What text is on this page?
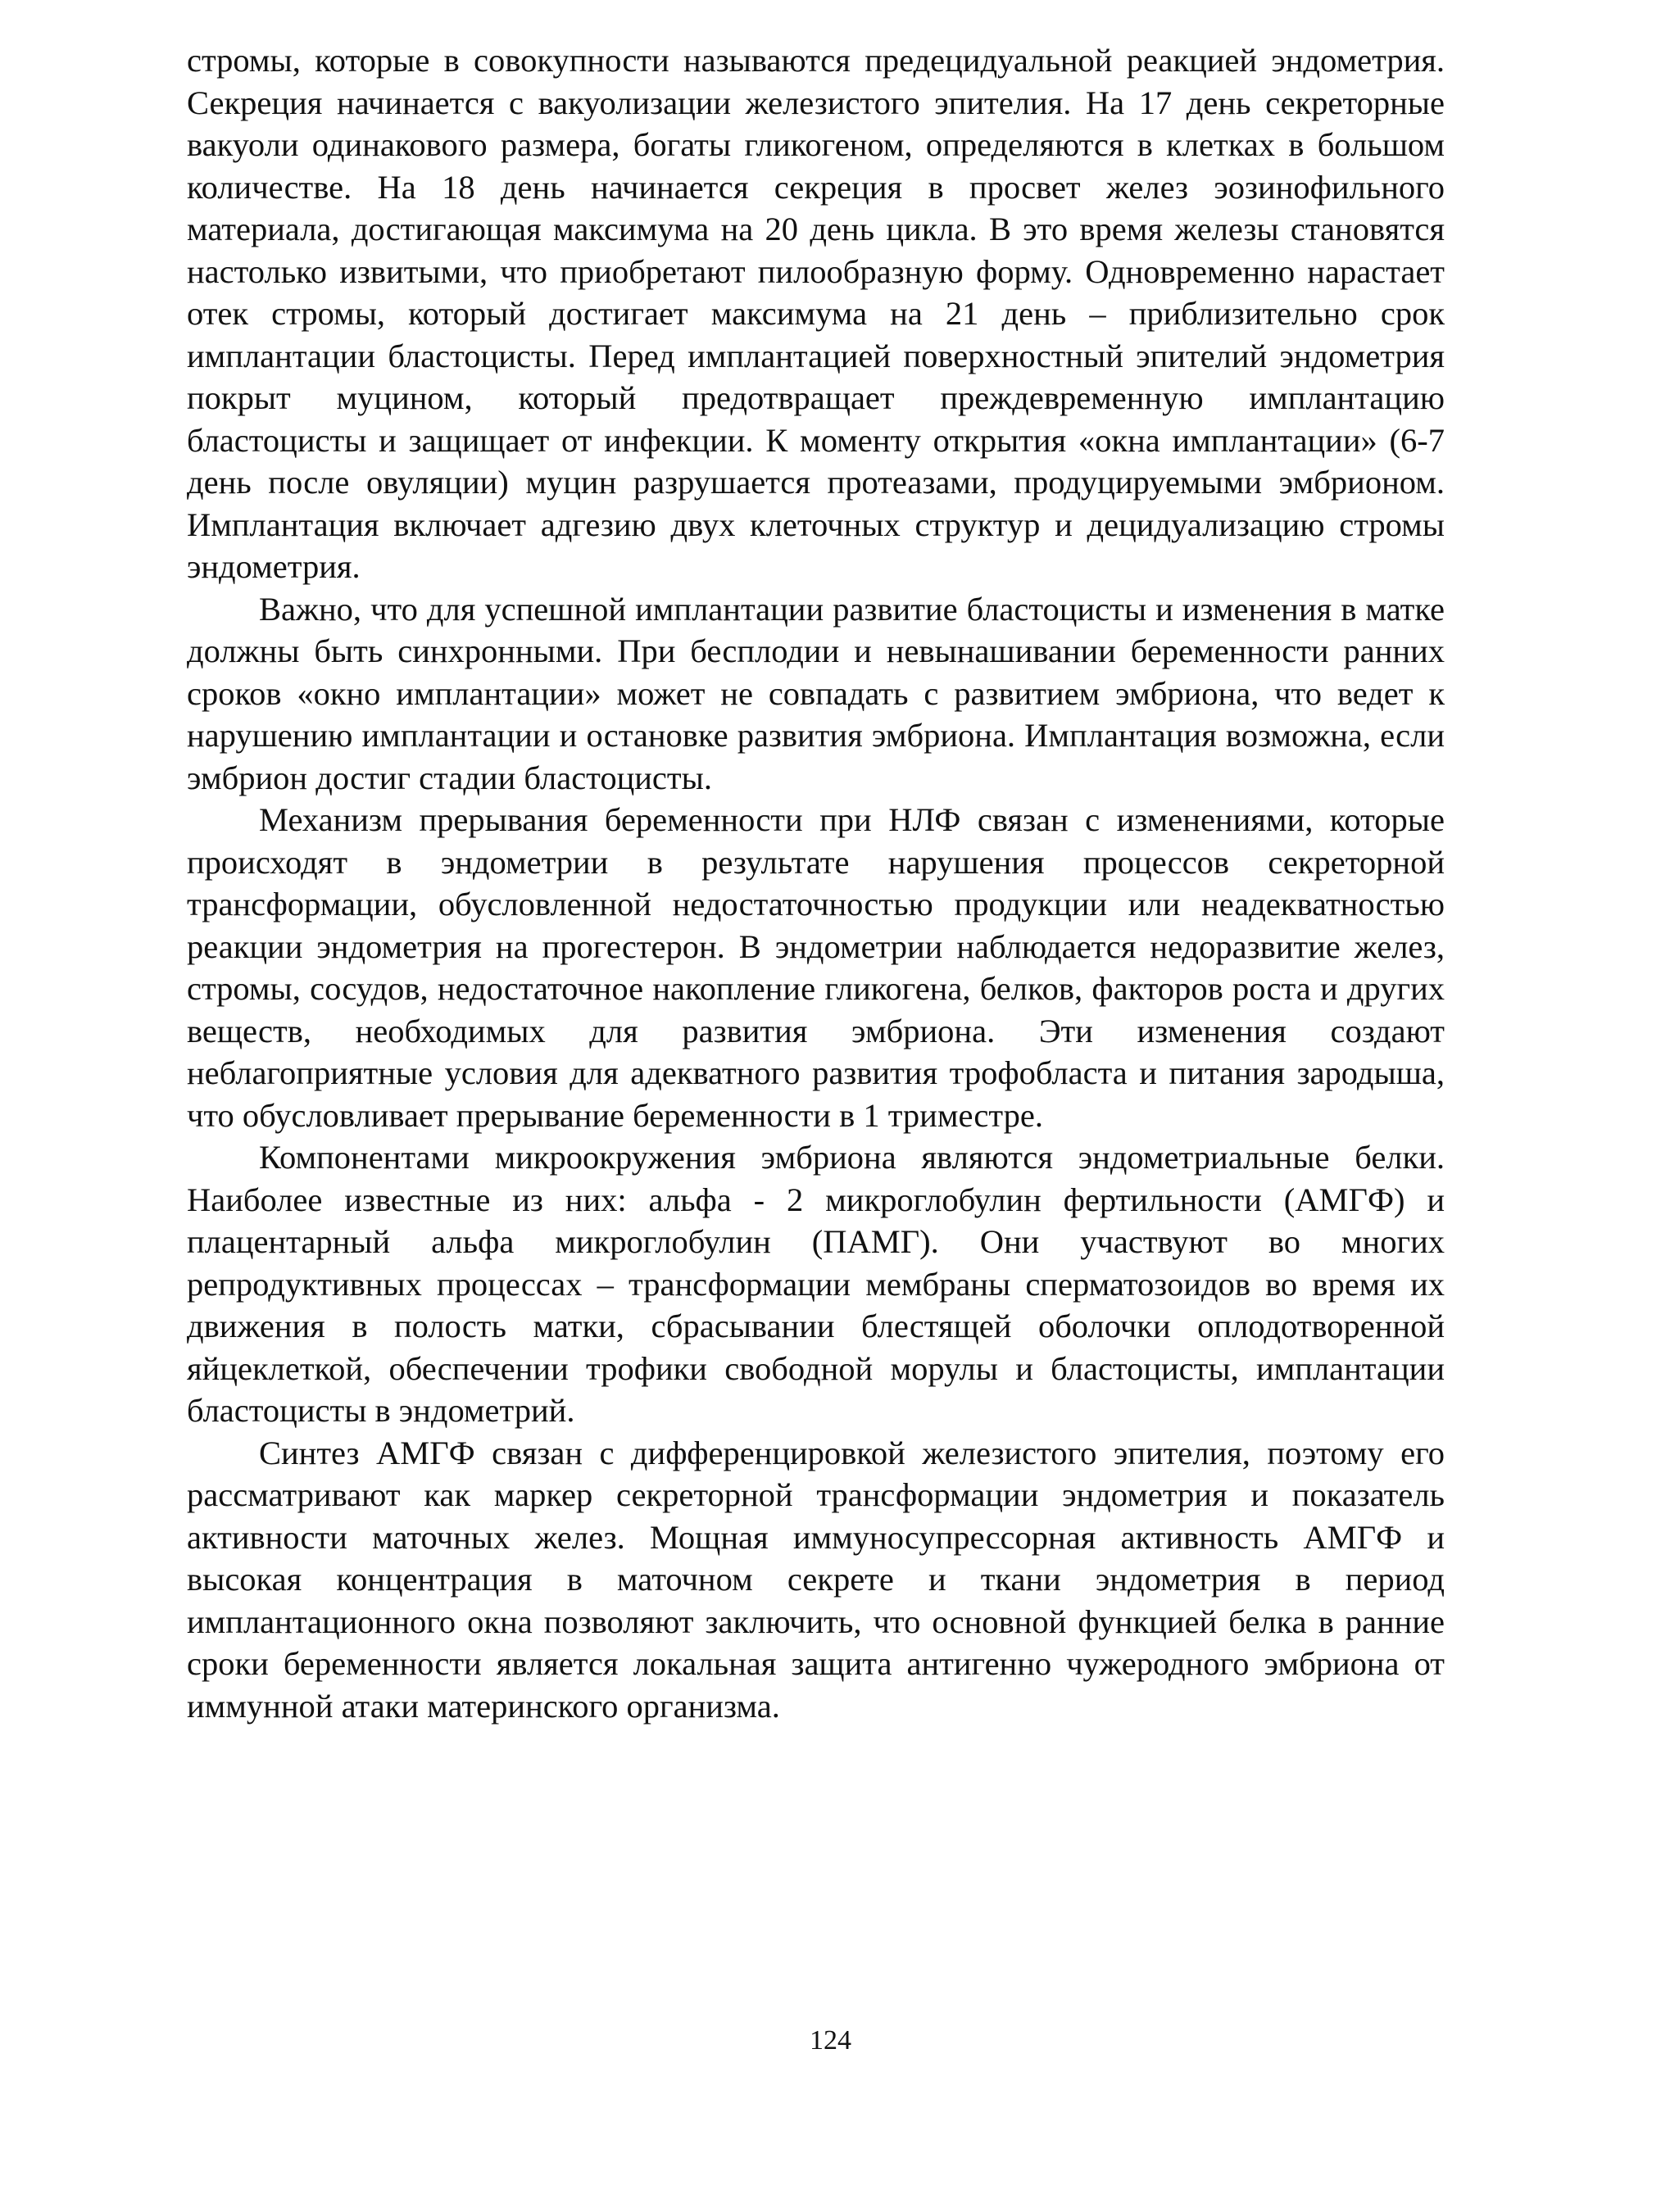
стромы, которые в совокупности называются предецидуальной реакцией эндометрия. Секреция начинается с вакуолизации железистого эпителия. На 17 день секреторные вакуоли одинакового размера, богаты гликогеном, определяются в клетках в большом количестве. На 18 день начинается секреция в просвет желез эозинофильного материала, достигающая максимума на 20 день цикла. В это время железы становятся настолько извитыми, что приобретают пилообразную форму. Одновременно нарастает отек стромы, который достигает максимума на 21 день – приблизительно срок имплантации бластоцисты. Перед имплантацией поверхностный эпителий эндометрия покрыт муцином, который предотвращает преждевременную имплантацию бластоцисты и защищает от инфекции. К моменту открытия «окна имплантации» (6-7 день после овуляции) муцин разрушается протеазами, продуцируемыми эмбрионом. Имплантация включает адгезию двух клеточных структур и децидуализацию стромы эндометрия.

Важно, что для успешной имплантации развитие бластоцисты и изменения в матке должны быть синхронными. При бесплодии и невынашивании беременности ранних сроков «окно имплантации» может не совпадать с развитием эмбриона, что ведет к нарушению имплантации и остановке развития эмбриона. Имплантация возможна, если эмбрион достиг стадии бластоцисты.

Механизм прерывания беременности при НЛФ связан с изменениями, которые происходят в эндометрии в результате нарушения процессов секреторной трансформации, обусловленной недостаточностью продукции или неадекватностью реакции эндометрия на прогестерон. В эндометрии наблюдается недоразвитие желез, стромы, сосудов, недостаточное накопление гликогена, белков, факторов роста и других веществ, необходимых для развития эмбриона. Эти изменения создают неблагоприятные условия для адекватного развития трофобласта и питания зародыша, что обусловливает прерывание беременности в 1 триместре.

Компонентами микроокружения эмбриона являются эндометриальные белки. Наиболее известные из них: альфа - 2 микроглобулин фертильности (АМГФ) и плацентарный альфа микроглобулин (ПАМГ). Они участвуют во многих репродуктивных процессах – трансформации мембраны сперматозоидов во время их движения в полость матки, сбрасывании блестящей оболочки оплодотворенной яйцеклеткой, обеспечении трофики свободной морулы и бластоцисты, имплантации бластоцисты в эндометрий.

Синтез АМГФ связан с дифференцировкой железистого эпителия, поэтому его рассматривают как маркер секреторной трансформации эндометрия и показатель активности маточных желез. Мощная иммуносупрессорная активность АМГФ и высокая концентрация в маточном секрете и ткани эндометрия в период имплантационного окна позволяют заключить, что основной функцией белка в ранние сроки беременности является локальная защита антигенно чужеродного эмбриона от иммунной атаки материнского организма.

124
